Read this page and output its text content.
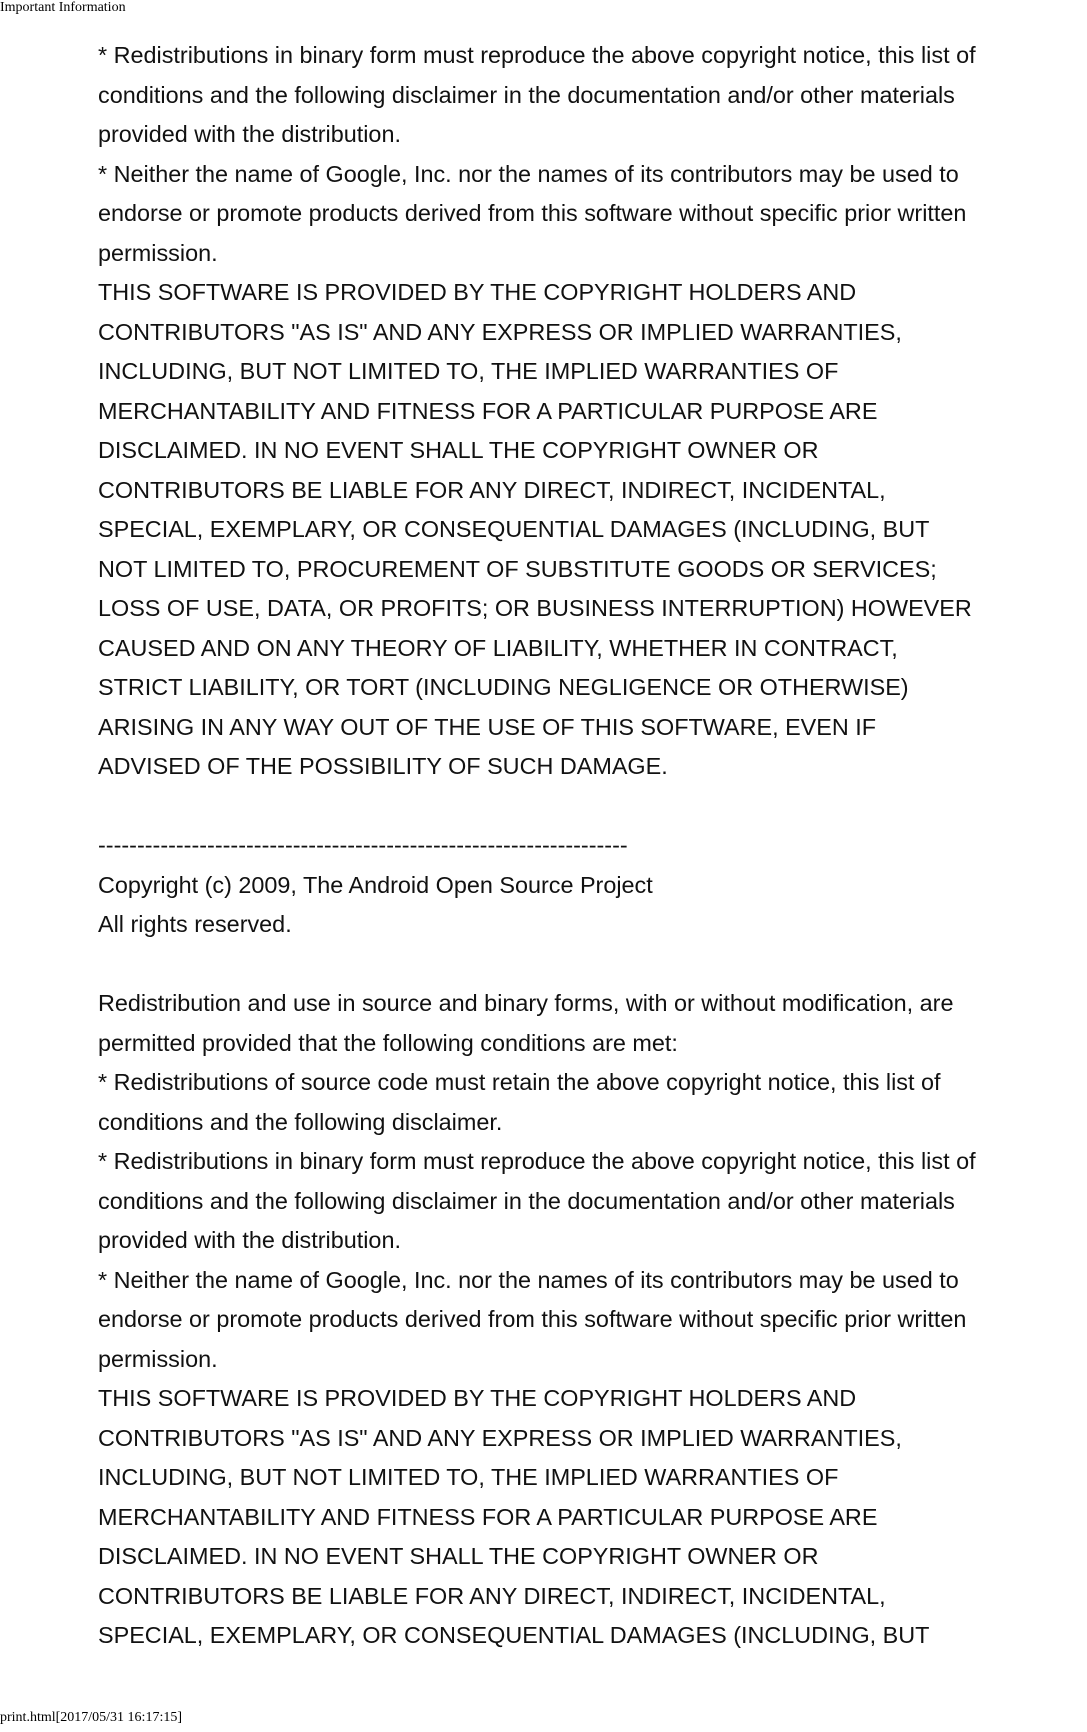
Important Information
* Redistributions in binary form must reproduce the above copyright notice, this list of
conditions and the following disclaimer in the documentation and/or other materials
provided with the distribution.
* Neither the name of Google, Inc. nor the names of its contributors may be used to
endorse or promote products derived from this software without specific prior written
permission.
THIS SOFTWARE IS PROVIDED BY THE COPYRIGHT HOLDERS AND
CONTRIBUTORS "AS IS" AND ANY EXPRESS OR IMPLIED WARRANTIES,
INCLUDING, BUT NOT LIMITED TO, THE IMPLIED WARRANTIES OF
MERCHANTABILITY AND FITNESS FOR A PARTICULAR PURPOSE ARE
DISCLAIMED. IN NO EVENT SHALL THE COPYRIGHT OWNER OR
CONTRIBUTORS BE LIABLE FOR ANY DIRECT, INDIRECT, INCIDENTAL,
SPECIAL, EXEMPLARY, OR CONSEQUENTIAL DAMAGES (INCLUDING, BUT
NOT LIMITED TO, PROCUREMENT OF SUBSTITUTE GOODS OR SERVICES;
LOSS OF USE, DATA, OR PROFITS; OR BUSINESS INTERRUPTION) HOWEVER
CAUSED AND ON ANY THEORY OF LIABILITY, WHETHER IN CONTRACT,
STRICT LIABILITY, OR TORT (INCLUDING NEGLIGENCE OR OTHERWISE)
ARISING IN ANY WAY OUT OF THE USE OF THIS SOFTWARE, EVEN IF
ADVISED OF THE POSSIBILITY OF SUCH DAMAGE.
--------------------------------------------------------------------
Copyright (c) 2009, The Android Open Source Project
All rights reserved.
Redistribution and use in source and binary forms, with or without modification, are
permitted provided that the following conditions are met:
* Redistributions of source code must retain the above copyright notice, this list of
conditions and the following disclaimer.
* Redistributions in binary form must reproduce the above copyright notice, this list of
conditions and the following disclaimer in the documentation and/or other materials
provided with the distribution.
* Neither the name of Google, Inc. nor the names of its contributors may be used to
endorse or promote products derived from this software without specific prior written
permission.
THIS SOFTWARE IS PROVIDED BY THE COPYRIGHT HOLDERS AND
CONTRIBUTORS "AS IS" AND ANY EXPRESS OR IMPLIED WARRANTIES,
INCLUDING, BUT NOT LIMITED TO, THE IMPLIED WARRANTIES OF
MERCHANTABILITY AND FITNESS FOR A PARTICULAR PURPOSE ARE
DISCLAIMED. IN NO EVENT SHALL THE COPYRIGHT OWNER OR
CONTRIBUTORS BE LIABLE FOR ANY DIRECT, INDIRECT, INCIDENTAL,
SPECIAL, EXEMPLARY, OR CONSEQUENTIAL DAMAGES (INCLUDING, BUT
print.html[2017/05/31 16:17:15]
